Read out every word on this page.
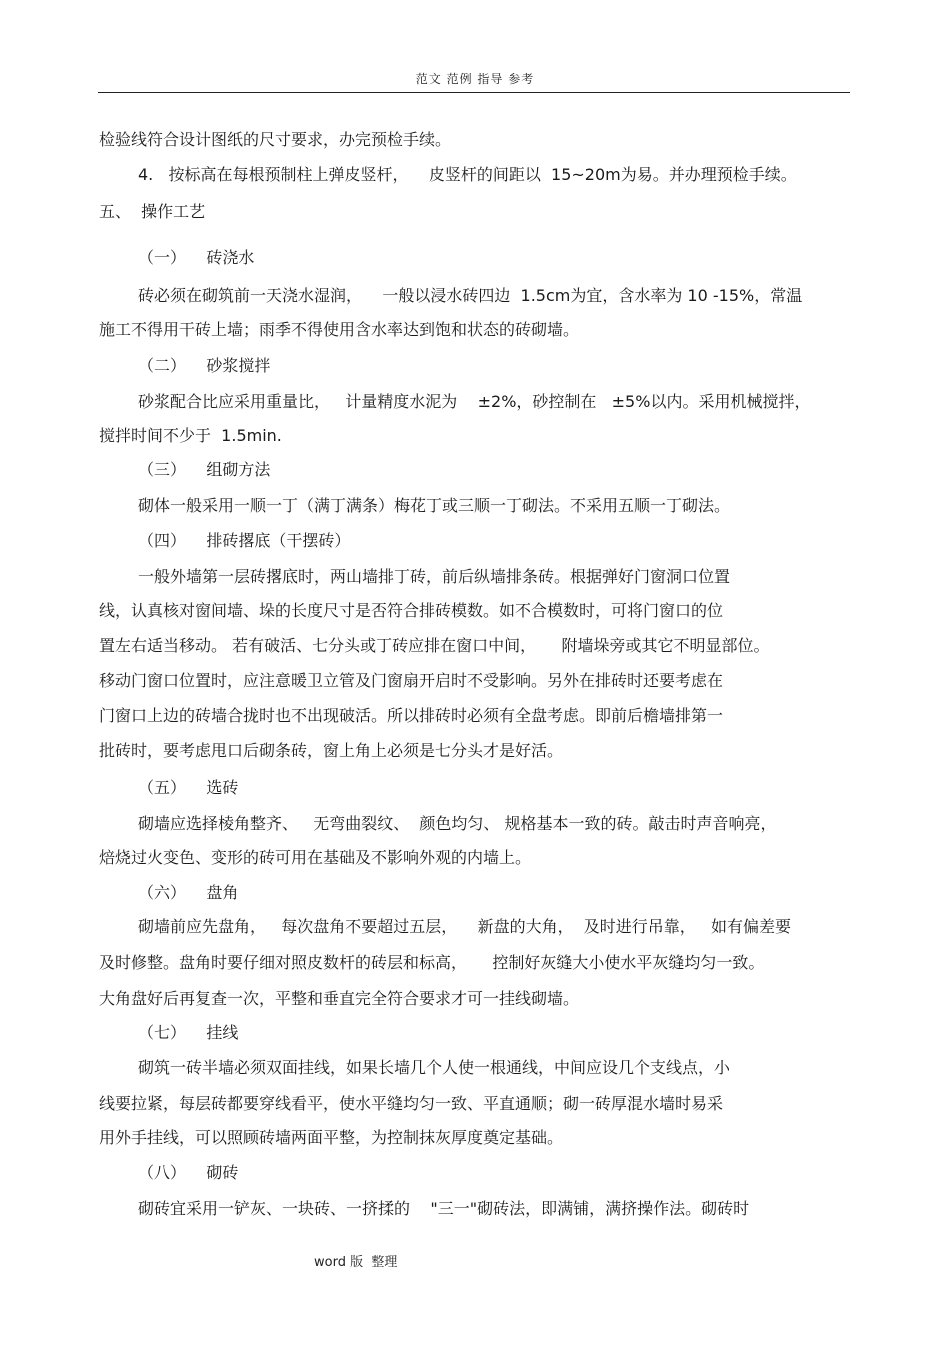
范文 范例 指导 参考
检验线符合设计图纸的尺寸要求，办完预检手续。
4.   按标高在每根预制柱上弹皮竖杆，    皮竖杆的间距以  15~20m为易。并办理预检手续。
五、  操作工艺
（一）    砖浇水
砖必须在砌筑前一天浇水湿润，    一般以浸水砖四边  1.5cm为宜，含水率为 10 -15%，常温
施工不得用干砖上墙；雨季不得使用含水率达到饱和状态的砖砌墙。
（二）    砂浆搅拌
砂浆配合比应采用重量比，   计量精度水泥为    ±2%，砂控制在   ±5%以内。采用机械搅拌，
搅拌时间不少于  1.5min.
（三）    组砌方法
砌体一般采用一顺一丁（满丁满条）梅花丁或三顺一丁砌法。不采用五顺一丁砌法。
（四）    排砖撂底（干摆砖）
一般外墙第一层砖撂底时，两山墙排丁砖，前后纵墙排条砖。根据弹好门窗洞口位置
线，认真核对窗间墙、垛的长度尺寸是否符合排砖模数。如不合模数时，可将门窗口的位
置左右适当移动。 若有破活、七分头或丁砖应排在窗口中间，     附墙垛旁或其它不明显部位。
移动门窗口位置时，应注意暖卫立管及门窗扇开启时不受影响。另外在排砖时还要考虑在
门窗口上边的砖墙合拢时也不出现破活。所以排砖时必须有全盘考虑。即前后檐墙排第一
批砖时，要考虑甩口后砌条砖，窗上角上必须是七分头才是好活。
（五）    选砖
砌墙应选择棱角整齐、   无弯曲裂纹、  颜色均匀、 规格基本一致的砖。敲击时声音响亮，
焙烧过火变色、变形的砖可用在基础及不影响外观的内墙上。
（六）    盘角
砌墙前应先盘角，   每次盘角不要超过五层，    新盘的大角，  及时进行吊靠，   如有偏差要
及时修整。盘角时要仔细对照皮数杆的砖层和标高，     控制好灰缝大小使水平灰缝均匀一致。
大角盘好后再复查一次，平整和垂直完全符合要求才可一挂线砌墙。
（七）    挂线
砌筑一砖半墙必须双面挂线，如果长墙几个人使一根通线，中间应设几个支线点，小
线要拉紧，每层砖都要穿线看平，使水平缝均匀一致、平直通顺；砌一砖厚混水墙时易采
用外手挂线，可以照顾砖墙两面平整，为控制抹灰厚度奠定基础。
（八）    砌砖
砌砖宜采用一铲灰、一块砖、一挤揉的    "三一"砌砖法，即满铺，满挤操作法。砌砖时
word 版  整理
